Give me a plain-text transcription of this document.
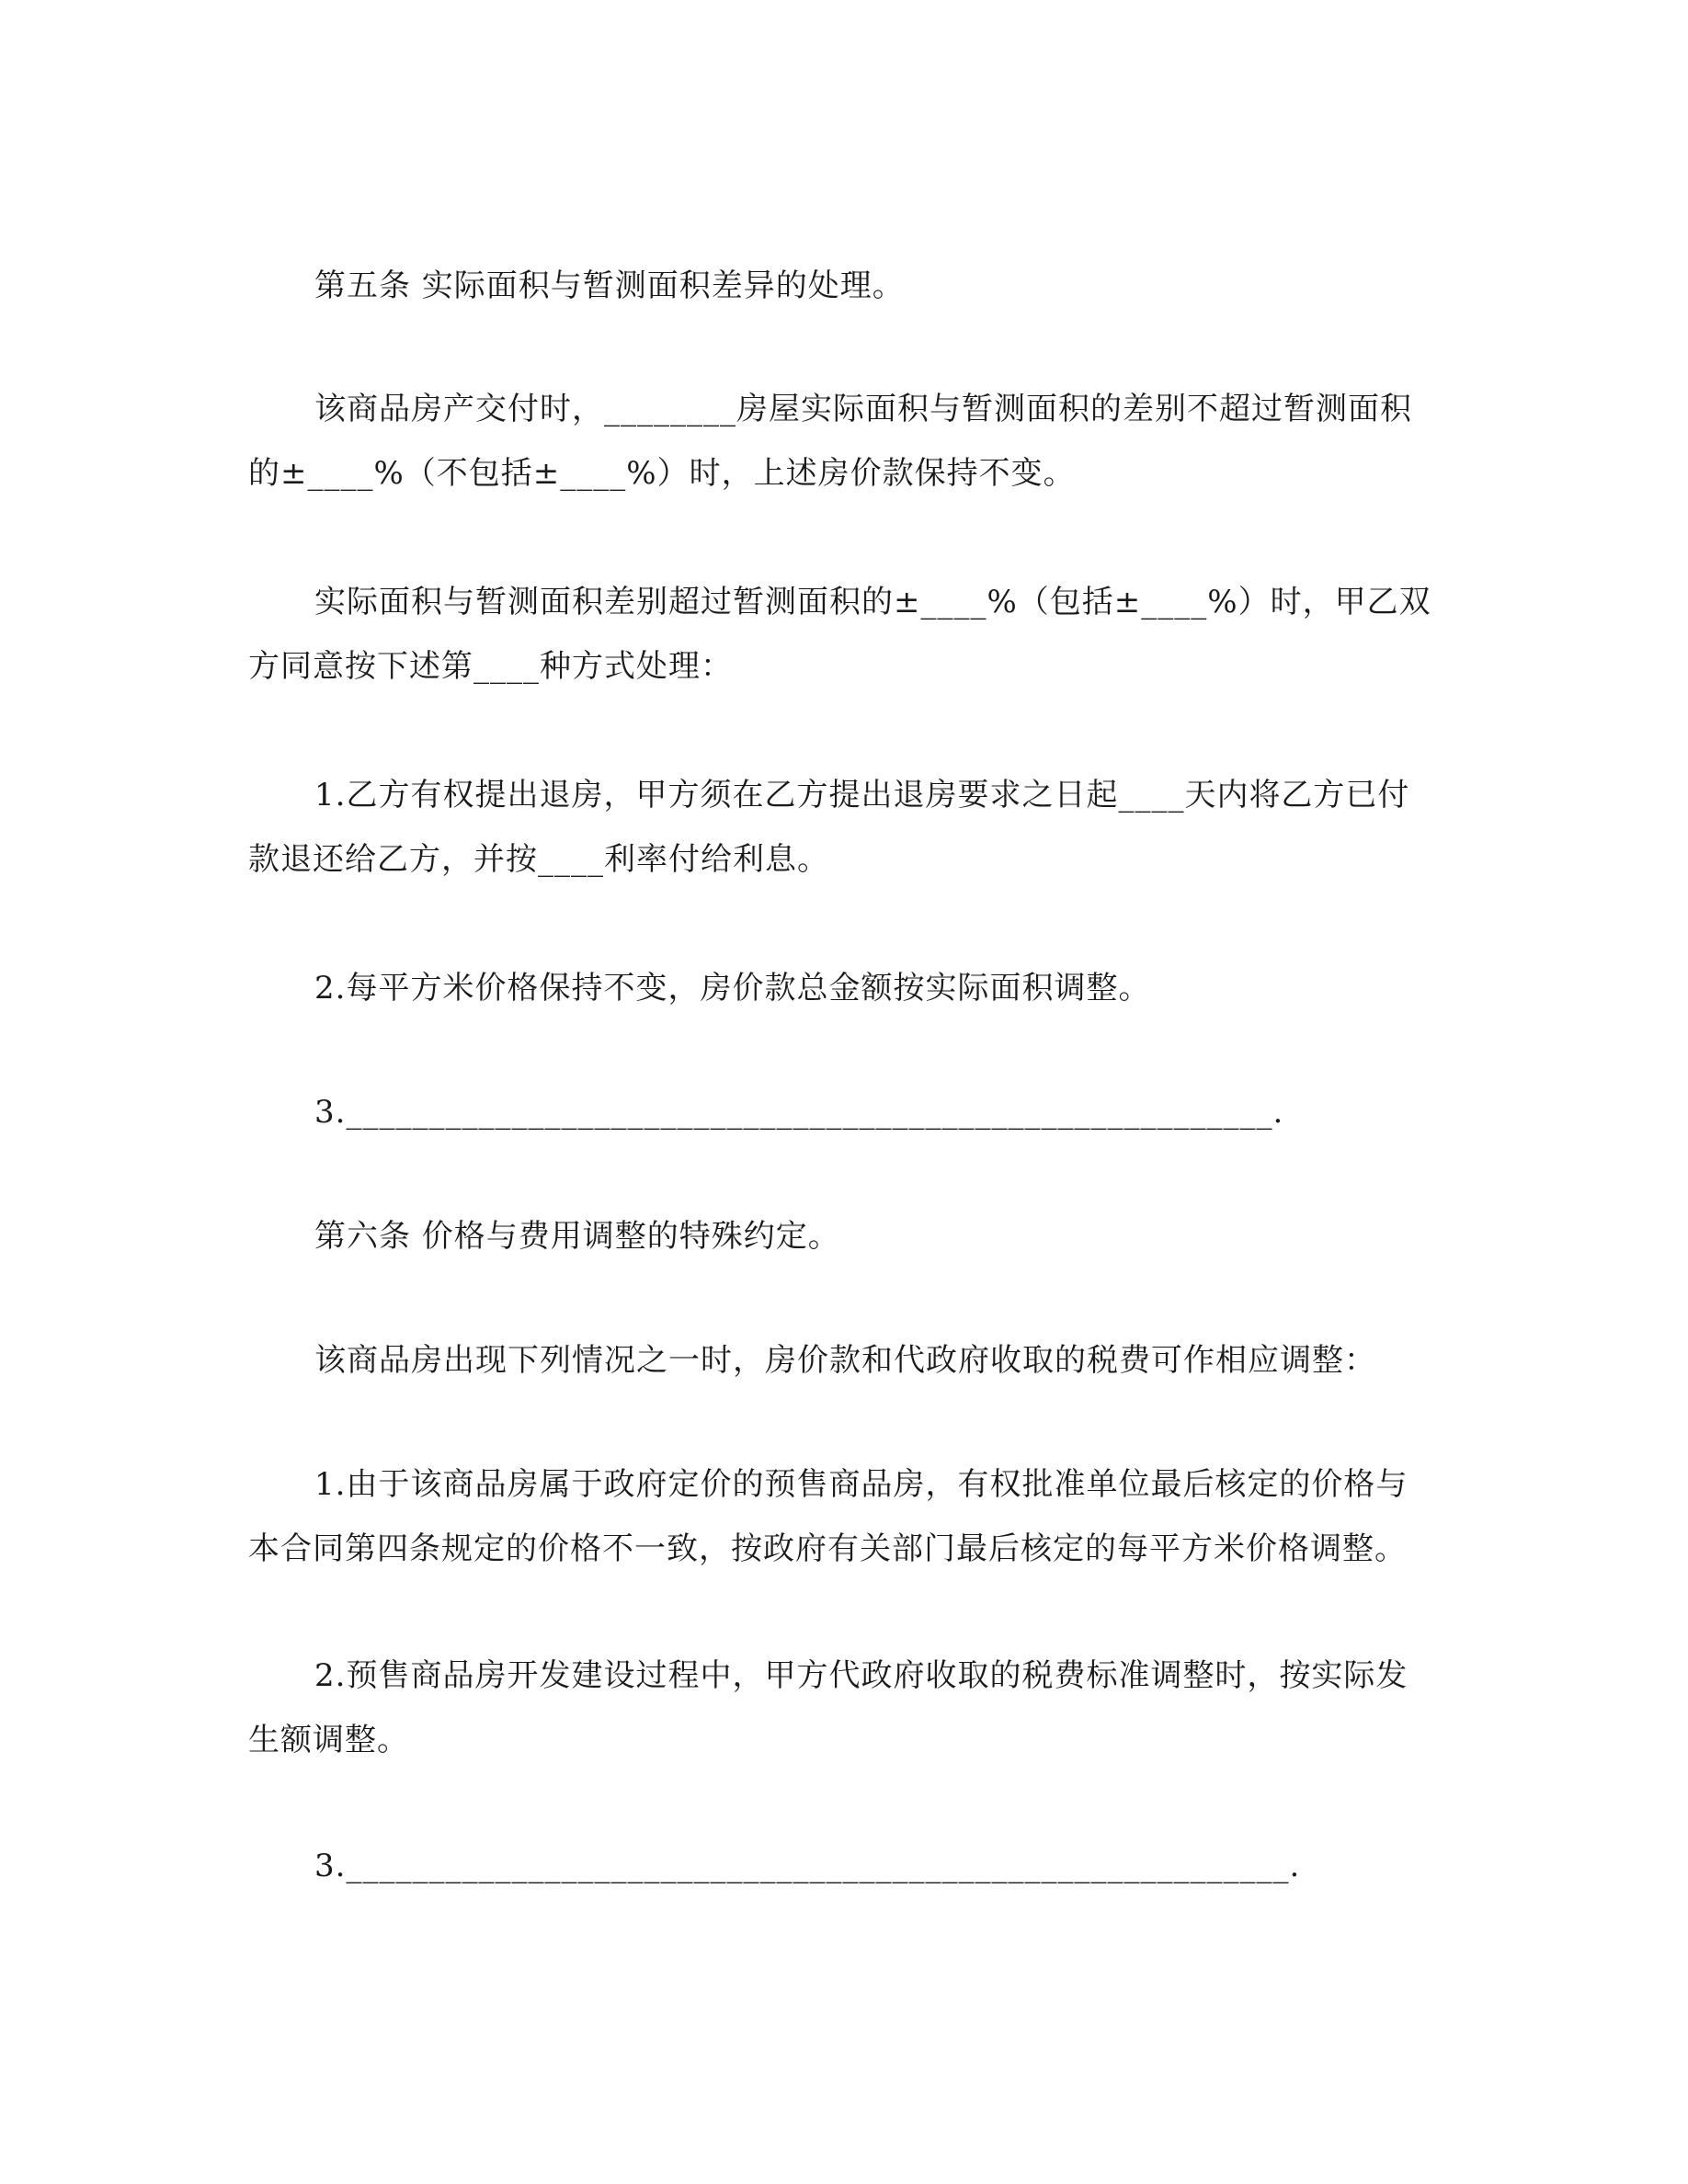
第五条 实际面积与暂测面积差异的处理。

该商品房产交付时，________房屋实际面积与暂测面积的差别不超过暂测面积的±____%（不包括±____%）时，上述房价款保持不变。

实际面积与暂测面积差别超过暂测面积的±____%（包括±____%）时，甲乙双方同意按下述第____种方式处理：

1.乙方有权提出退房，甲方须在乙方提出退房要求之日起____天内将乙方已付款退还给乙方，并按____利率付给利息。

2.每平方米价格保持不变，房价款总金额按实际面积调整。

3.________________________________________________________.

第六条 价格与费用调整的特殊约定。

该商品房出现下列情况之一时，房价款和代政府收取的税费可作相应调整：

1.由于该商品房属于政府定价的预售商品房，有权批准单位最后核定的价格与本合同第四条规定的价格不一致，按政府有关部门最后核定的每平方米价格调整。

2.预售商品房开发建设过程中，甲方代政府收取的税费标准调整时，按实际发生额调整。

3._________________________________________________________.
